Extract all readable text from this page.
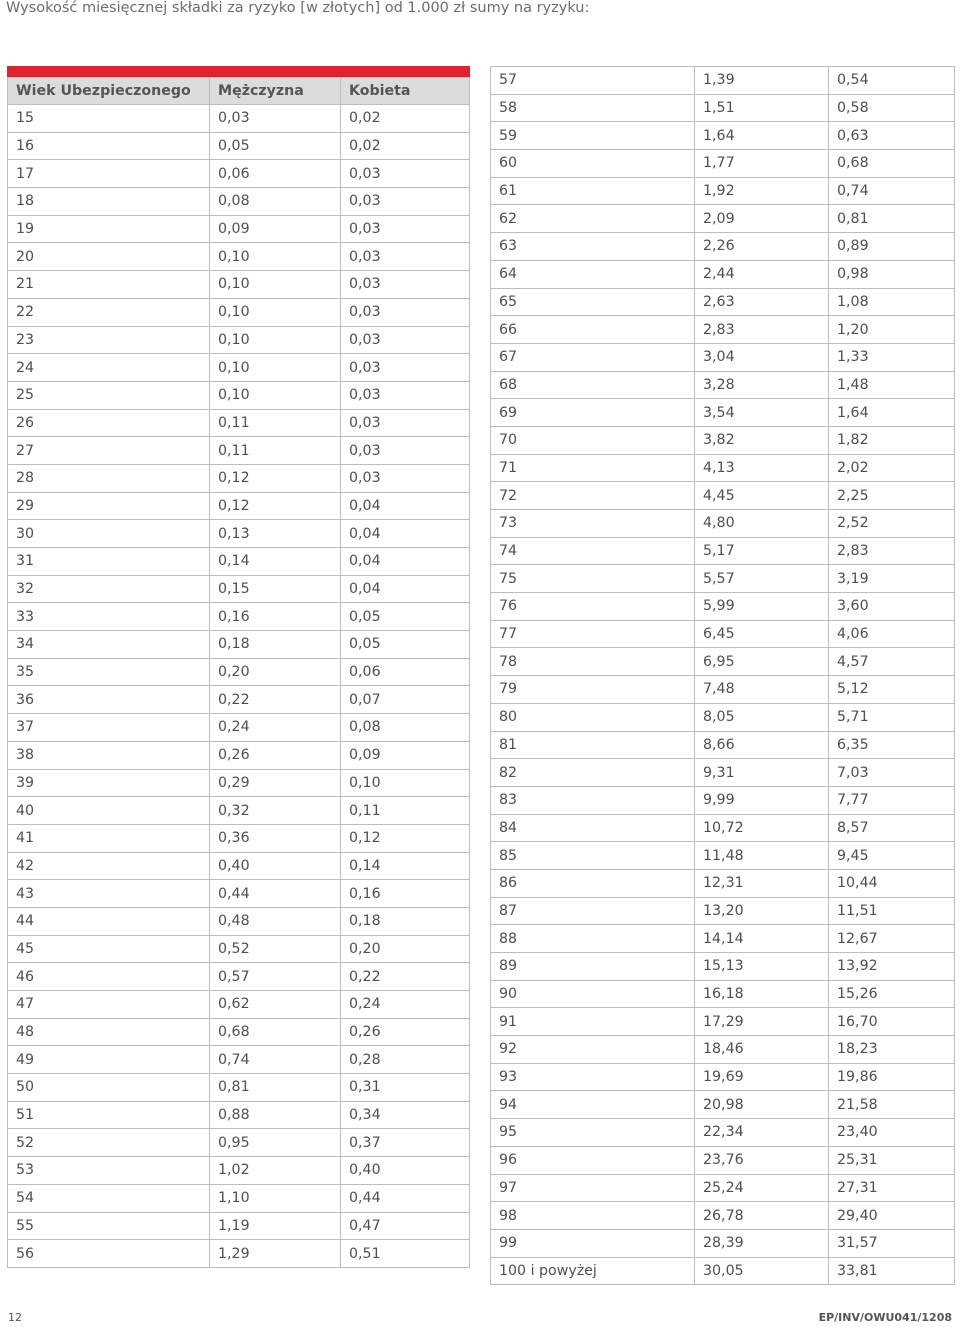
Wysokość miesięcznej składki za ryzyko [w złotych] od 1.000 zł sumy na ryzyku:
Wiek Ubezpieczonego	Mężczyzna	Kobieta
15	0,03	0,02
16	0,05	0,02
17	0,06	0,03
18	0,08	0,03
19	0,09	0,03
20	0,10	0,03
21	0,10	0,03
22	0,10	0,03
23	0,10	0,03
24	0,10	0,03
25	0,10	0,03
26	0,11	0,03
27	0,11	0,03
28	0,12	0,03
29	0,12	0,04
30	0,13	0,04
31	0,14	0,04
32	0,15	0,04
33	0,16	0,05
34	0,18	0,05
35	0,20	0,06
36	0,22	0,07
37	0,24	0,08
38	0,26	0,09
39	0,29	0,10
40	0,32	0,11
41	0,36	0,12
42	0,40	0,14
43	0,44	0,16
44	0,48	0,18
45	0,52	0,20
46	0,57	0,22
47	0,62	0,24
48	0,68	0,26
49	0,74	0,28
50	0,81	0,31
51	0,88	0,34
52	0,95	0,37
53	1,02	0,40
54	1,10	0,44
55	1,19	0,47
56	1,29	0,51
57	1,39	0,54
58	1,51	0,58
59	1,64	0,63
60	1,77	0,68
61	1,92	0,74
62	2,09	0,81
63	2,26	0,89
64	2,44	0,98
65	2,63	1,08
66	2,83	1,20
67	3,04	1,33
68	3,28	1,48
69	3,54	1,64
70	3,82	1,82
71	4,13	2,02
72	4,45	2,25
73	4,80	2,52
74	5,17	2,83
75	5,57	3,19
76	5,99	3,60
77	6,45	4,06
78	6,95	4,57
79	7,48	5,12
80	8,05	5,71
81	8,66	6,35
82	9,31	7,03
83	9,99	7,77
84	10,72	8,57
85	11,48	9,45
86	12,31	10,44
87	13,20	11,51
88	14,14	12,67
89	15,13	13,92
90	16,18	15,26
91	17,29	16,70
92	18,46	18,23
93	19,69	19,86
94	20,98	21,58
95	22,34	23,40
96	23,76	25,31
97	25,24	27,31
98	26,78	29,40
99	28,39	31,57
100 i powyżej	30,05	33,81
12	EP/INV/OWU041/1208
